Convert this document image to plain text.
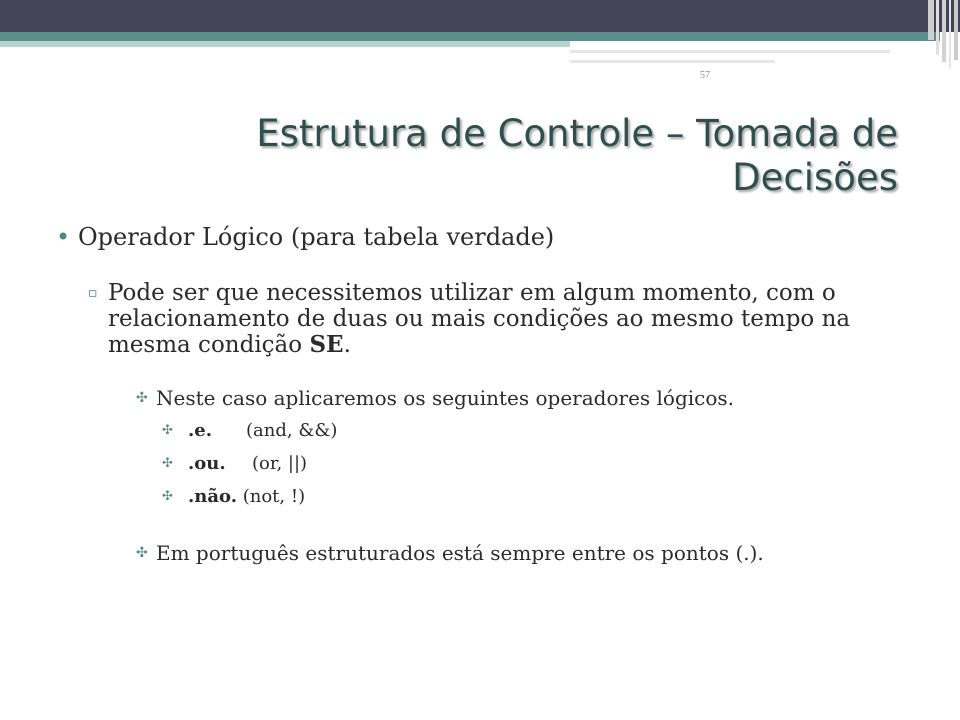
57
Estrutura de Controle – Tomada de Decisões
• Operador Lógico (para tabela verdade)
▫ Pode ser que necessitemos utilizar em algum momento, com o relacionamento de duas ou mais condições ao mesmo tempo na mesma condição SE.
✣ Neste caso aplicaremos os seguintes operadores lógicos.
✣ .e. (and, &&)
✣ .ou. (or, ||)
✣ .não. (not, !)
✣ Em português estruturados está sempre entre os pontos (.).
